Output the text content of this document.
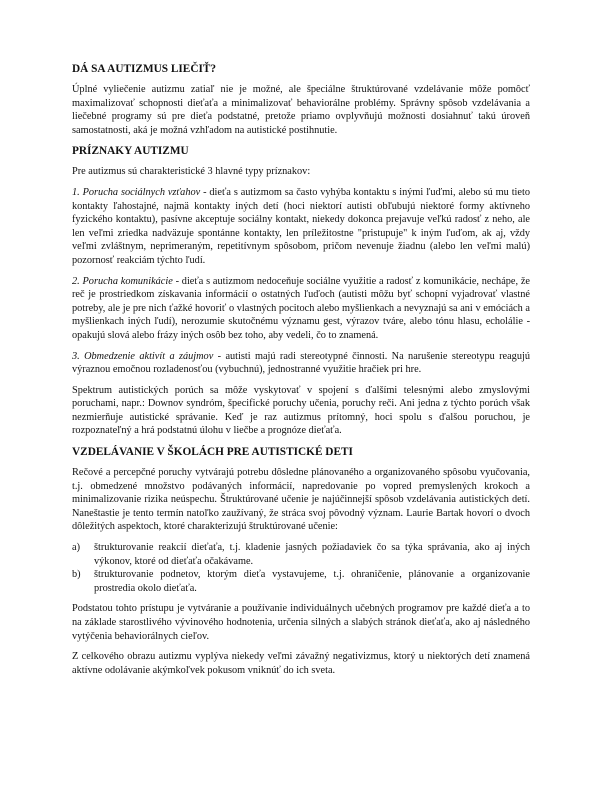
DÁ SA AUTIZMUS LIEČIŤ?

Úplné vyliečenie autizmu zatiaľ nie je možné, ale špeciálne štruktúrované vzdelávanie môže pomôcť maximalizovať schopnosti dieťaťa a minimalizovať behaviorálne problémy. Správny spôsob vzdelávania a liečebné programy sú pre dieťa podstatné, pretože priamo ovplyvňujú možnosti dosiahnuť takú úroveň samostatnosti, aká je možná vzhľadom na autistické postihnutie.

PRÍZNAKY AUTIZMU

Pre autizmus sú charakteristické 3 hlavné typy príznakov:

1. Porucha sociálnych vzťahov - dieťa s autizmom sa často vyhýba kontaktu s inými ľuďmi, alebo sú mu tieto kontakty ľahostajné, najmä kontakty iných detí (hoci niektorí autisti obľubujú niektoré formy aktívneho fyzického kontaktu), pasívne akceptuje sociálny kontakt, niekedy dokonca prejavuje veľkú radosť z neho, ale len veľmi zriedka nadväzuje spontánne kontakty, len príležitostne "pristupuje" k iným ľuďom, ak aj, vždy veľmi zvláštnym, neprimeraným, repetitívnym spôsobom, pričom nevenuje žiadnu (alebo len veľmi malú) pozornosť reakciám týchto ľudí.

2. Porucha komunikácie - dieťa s autizmom nedoceňuje sociálne využitie a radosť z komunikácie, nechápe, že reč je prostriedkom získavania informácií o ostatných ľuďoch (autisti môžu byť schopní vyjadrovať vlastné potreby, ale je pre nich ťažké hovoriť o vlastných pocitoch alebo myšlienkach a nevyznajú sa ani v emóciách a myšlienkach iných ľudí), nerozumie skutočnému významu gest, výrazov tváre, alebo tónu hlasu, echolálie - opakujú slová alebo frázy iných osôb bez toho, aby vedeli, čo to znamená.

3. Obmedzenie aktivít a záujmov - autisti majú radi stereotypné činnosti. Na narušenie stereotypu reagujú výraznou emočnou rozladenosťou (vybuchnú), jednostranné využitie hračiek pri hre.

Spektrum autistických porúch sa môže vyskytovať v spojení s ďalšími telesnými alebo zmyslovými poruchami, napr.: Downov syndróm, špecifické poruchy učenia, poruchy reči. Ani jedna z týchto porúch však nezmierňuje autistické správanie. Keď je raz autizmus prítomný, hoci spolu s ďalšou poruchou, je rozpoznateľný a hrá podstatnú úlohu v liečbe a prognóze dieťaťa.

VZDELÁVANIE V ŠKOLÁCH PRE AUTISTICKÉ DETI

Rečové a percepčné poruchy vytvárajú potrebu dôsledne plánovaného a organizovaného spôsobu vyučovania, t.j. obmedzené množstvo podávaných informácií, napredovanie po vopred premyslených krokoch a minimalizovanie rizika neúspechu. Štruktúrované učenie je najúčinnejší spôsob vzdelávania autistických detí. Naneštastie je tento termín natoľko zaužívaný, že stráca svoj pôvodný význam. Laurie Bartak hovorí o dvoch dôležitých aspektoch, ktoré charakterizujú štruktúrované učenie:

a)	štrukturovanie reakcií dieťaťa, t.j. kladenie jasných požiadaviek čo sa týka správania, ako aj iných výkonov, ktoré od dieťaťa očakávame.
b)	štrukturovanie podnetov, ktorým dieťa vystavujeme, t.j. ohraničenie, plánovanie a organizovanie prostredia okolo dieťaťa.

Podstatou tohto prístupu je vytváranie a používanie individuálnych učebných programov pre každé dieťa a to na základe starostlivého vývinového hodnotenia, určenia silných a slabých stránok dieťaťa, ako aj následného vytýčenia behaviorálnych cieľov.

Z celkového obrazu autizmu vyplýva niekedy veľmi závažný negativizmus, ktorý u niektorých detí znamená aktívne odolávanie akýmkoľvek pokusom vniknúť do ich sveta.
